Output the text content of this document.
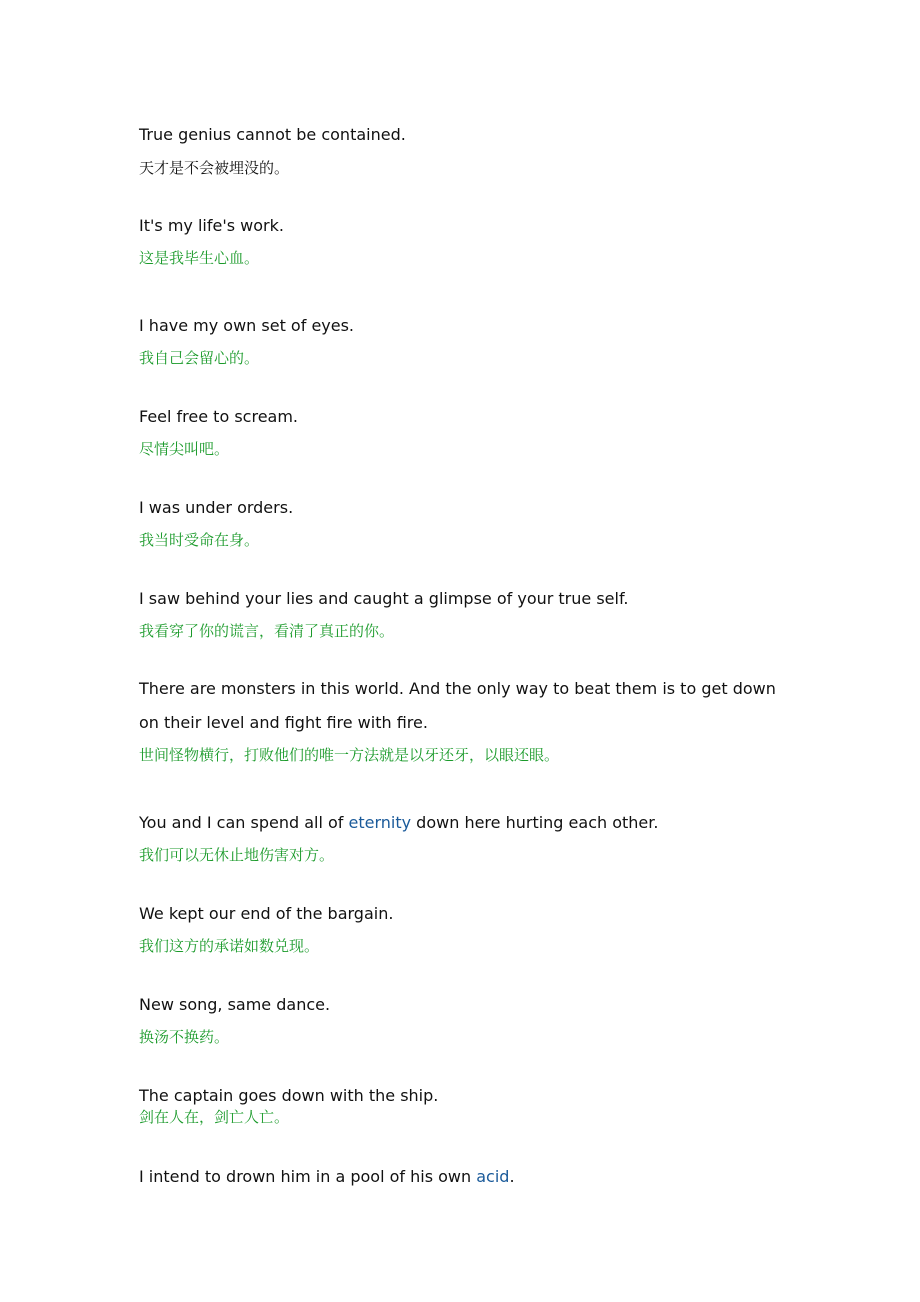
True genius cannot be contained.

天才是不会被埋没的。

It's my life's work.

这是我毕生心血。

I have my own set of eyes.

我自己会留心的。

Feel free to scream.

尽情尖叫吧。

I was under orders.

我当时受命在身。

I saw behind your lies and caught a glimpse of your true self.

我看穿了你的谎言，看清了真正的你。

There are monsters in this world. And the only way to beat them is to get down

on their level and fight fire with fire.

世间怪物横行，打败他们的唯一方法就是以牙还牙，以眼还眼。

You and I can spend all of eternity down here hurting each other.

我们可以无休止地伤害对方。

We kept our end of the bargain.

我们这方的承诺如数兑现。

New song, same dance.

换汤不换药。

The captain goes down with the ship.

剑在人在，剑亡人亡。

I intend to drown him in a pool of his own acid.
